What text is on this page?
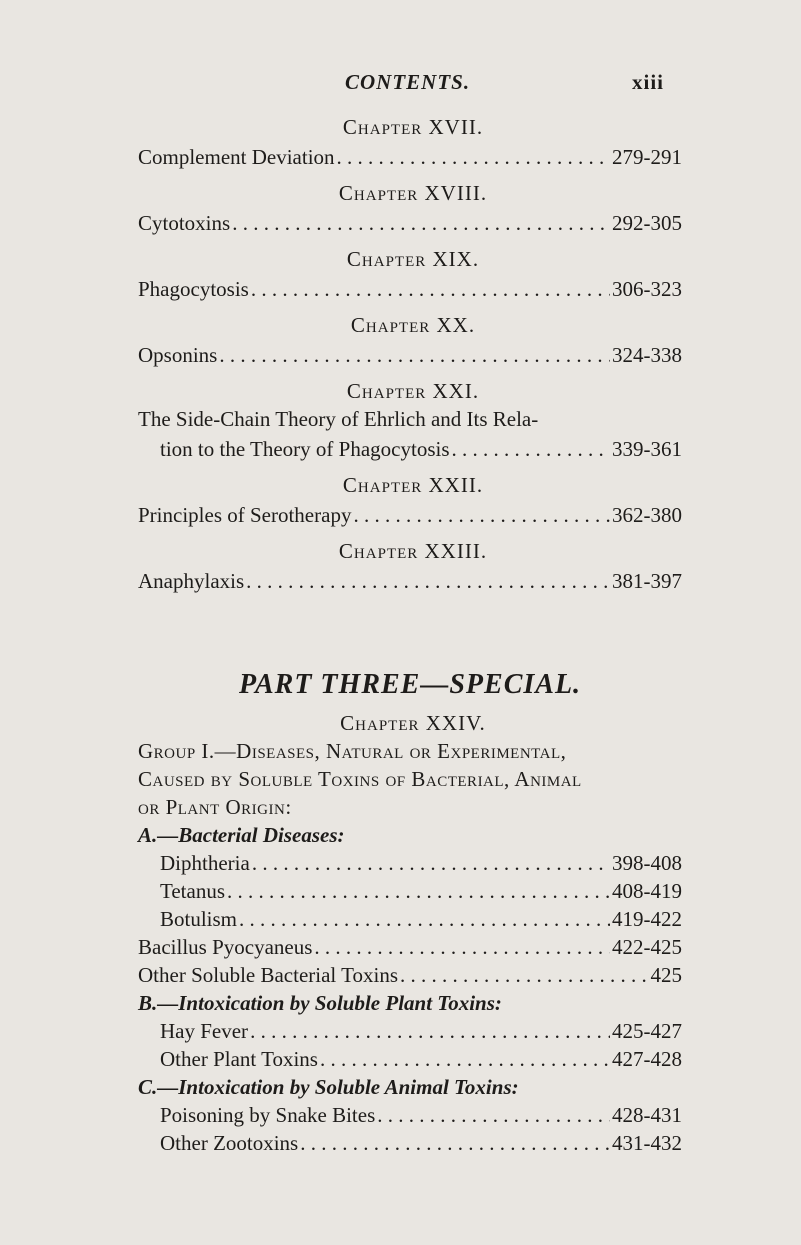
CONTENTS.	xiii

Chapter XVII.

Complement Deviation . . .	279-291

Chapter XVIII.

Cytotoxins . . .	292-305

Chapter XIX.

Phagocytosis . . .	306-323

Chapter XX.

Opsonins . . .	324-338

Chapter XXI.

The Side-Chain Theory of Ehrlich and Its Rela-
tion to the Theory of Phagocytosis . . .	339-361

Chapter XXII.

Principles of Serotherapy . . .	362-380

Chapter XXIII.

Anaphylaxis . . .	381-397

PART THREE—SPECIAL.

Chapter XXIV.

Group I.—Diseases, Natural or Experimental,
Caused by Soluble Toxins of Bacterial, Animal
or Plant Origin:
A.—Bacterial Diseases:
Diphtheria . . .	398-408
Tetanus . . .	408-419
Botulism . . .	419-422
Bacillus Pyocyaneus . . .	422-425
Other Soluble Bacterial Toxins . . .	425
B.—Intoxication by Soluble Plant Toxins:
Hay Fever . . .	425-427
Other Plant Toxins . . .	427-428
C.—Intoxication by Soluble Animal Toxins:
Poisoning by Snake Bites . . .	428-431
Other Zootoxins . . .	431-432
